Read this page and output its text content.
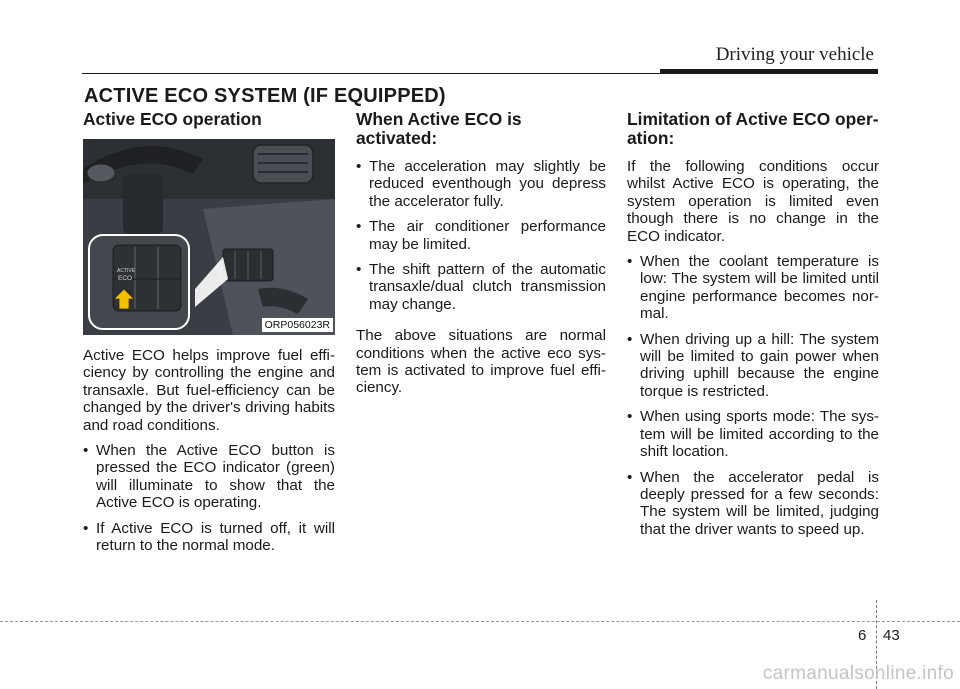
Driving your vehicle
ACTIVE ECO SYSTEM (IF EQUIPPED)
Active ECO operation
ACTIVE
ECO
ORP056023R

Active ECO helps improve fuel effi-ciency by controlling the engine and transaxle. But fuel-efficiency can be changed by the driver's driving habits and road conditions.

• When the Active ECO button is pressed the ECO indicator (green) will illuminate to show that the Active ECO is operating.
• If Active ECO is turned off, it will return to the normal mode.
When Active ECO is activated:
• The acceleration may slightly be reduced eventhough you depress the accelerator fully.
• The air conditioner performance may be limited.
• The shift pattern of the automatic transaxle/dual clutch transmission may change.

The above situations are normal conditions when the active eco sys-tem is activated to improve fuel effi-ciency.

Limitation of Active ECO oper-ation:

If the following conditions occur whilst Active ECO is operating, the system operation is limited even though there is no change in the ECO indicator.

• When the coolant temperature is low: The system will be limited until engine performance becomes nor-mal.
• When driving up a hill: The system will be limited to gain power when driving uphill because the engine torque is restricted.
• When using sports mode: The sys-tem will be limited according to the shift location.
• When the accelerator pedal is deeply pressed for a few seconds: The system will be limited, judging that the driver wants to speed up.
6 43
carmanualsonline.info
